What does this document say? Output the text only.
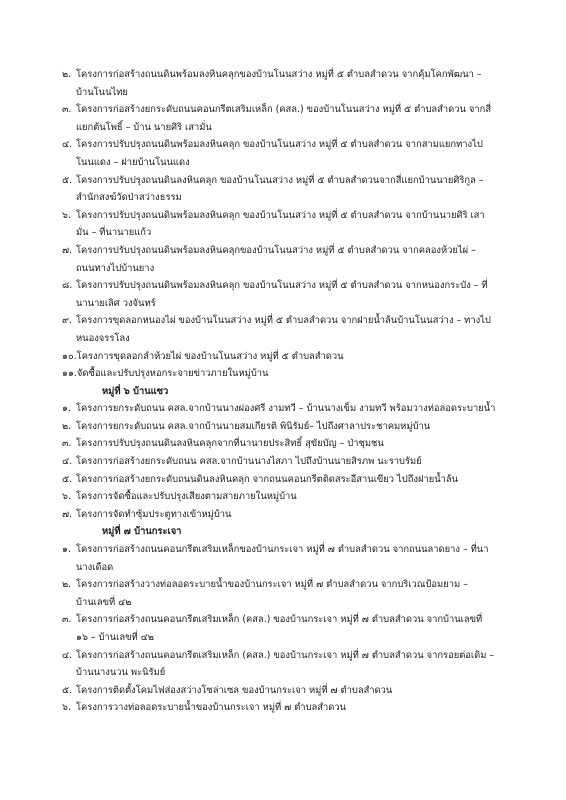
๒. โครงการก่อสร้างถนนดินพร้อมลงหินคลุกของบ้านโนนสว่าง หมู่ที่ ๕ ตำบลสำดวน จากคุ้มโคกพัฒนา –
บ้านโนนไทย
๓. โครงการก่อสร้างยกระดับถนนคอนกรีตเสริมเหล็ก (คสล.) ของบ้านโนนสว่าง หมู่ที่ ๕ ตำบลสำดวน จากสี่
แยกต้นโพธิ์ – บ้าน นายศิริ เสามั่น
๔. โครงการปรับปรุงถนนดินพร้อมลงหินคลุก ของบ้านโนนสว่าง หมู่ที่ ๕ ตำบลสำดวน จากสามแยกทางไป
โนนแดง – ฝายบ้านโนนแดง
๕. โครงการปรับปรุงถนนดินลงหินคลุก ของบ้านโนนสว่าง หมู่ที่ ๕ ตำบลสำดวนจากสี่แยกบ้านนายศิริกูล –
สำนักสงฆ์วัดป่าสว่างธรรม
๖. โครงการปรับปรุงถนนดินพร้อมลงหินคลุก ของบ้านโนนสว่าง หมู่ที่ ๕ ตำบลสำดวน จากบ้านนายศิริ เสา
มั่น – ที่นานายแก้ว
๗. โครงการปรับปรุงถนนดินพร้อมลงหินคลุกของบ้านโนนสว่าง หมู่ที่ ๕ ตำบลสำดวน จากคลองห้วยไผ่ –
ถนนทางไปบ้านยาง
๘. โครงการปรับปรุงถนนดินพร้อมลงหินคลุก ของบ้านโนนสว่าง หมู่ที่ ๕ ตำบลสำดวน จากหนองกระบัง – ที่
นานายเลิศ วงจันทร์
๙. โครงการขุดลอกหนองไผ่ ของบ้านโนนสว่าง หมู่ที่ ๕ ตำบลสำดวน จากฝายน้ำล้นบ้านโนนสว่าง – ทางไป
หนองจรรโลง
๑๐. โครงการขุดลอกลำห้วยไผ่ ของบ้านโนนสว่าง หมู่ที่ ๕ ตำบลสำดวน
๑๑. จัดซื้อและปรับปรุงหอกระจายข่าวภายในหมู่บ้าน
หมู่ที่ ๖ บ้านแซว
๑. โครงการยกระดับถนน คสล.จากบ้านนางผ่องศรี งามทวี – บ้านนางเข็ม งามทวี พร้อมวางท่อลอดระบายน้ำ
๒. โครงการยกระดับถนน คสล.จากบ้านนายสมเกียรติ พินิรัมย์– ไปถึงศาลาประชาคมหมู่บ้าน
๓. โครงการปรับปรุงถนนดินลงหินคลุกจากที่นานายประสิทธิ์ สุขัยบัญ – ป่าชุมชน
๔. โครงการก่อสร้างยกระดับถนน คสล.จากบ้านนางไสภา ไปถึงบ้านนายสิรภพ นะราบรัมย์
๕. โครงการก่อสร้างยกระดับถนนดินลงหินคลุก จากถนนคอนกรีตติดสระอีสานเขียว ไปถึงฝายน้ำล้น
๖. โครงการจัดซื้อและปรับปรุงเสียงตามสายภายในหมู่บ้าน
๗. โครงการจัดทำซุ้มประตูทางเข้าหมู่บ้าน
หมู่ที่ ๗ บ้านกระเจา
๑. โครงการก่อสร้างถนนคอนกรีตเสริมเหล็กของบ้านกระเจา หมู่ที่ ๗ ตำบลสำดวน จากถนนลาดยาง – ที่นา
นางเดือด
๒. โครงการก่อสร้างวางท่อลอดระบายน้ำของบ้านกระเจา หมู่ที่ ๗ ตำบลสำดวน จากบริเวณป้อมยาม –
บ้านเลขที่ ๔๒
๓. โครงการก่อสร้างถนนคอนกรีตเสริมเหล็ก (คสล.) ของบ้านกระเจา หมู่ที่ ๗ ตำบลสำดวน จากบ้านเลขที่
๑๖ – บ้านเลขที่ ๔๒
๔. โครงการก่อสร้างถนนคอนกรีตเสริมเหล็ก (คสล.) ของบ้านกระเจา หมู่ที่ ๗ ตำบลสำดวน จากรอยต่อเดิม –
บ้านนางนวน พะนิรัมย์
๕. โครงการติดตั้งโคมไฟส่องสว่างโซล่าเซล ของบ้านกระเจา หมู่ที่ ๗ ตำบลสำดวน
๖. โครงการวางท่อลอดระบายน้ำของบ้านกระเจา หมู่ที่ ๗ ตำบลสำดวน
